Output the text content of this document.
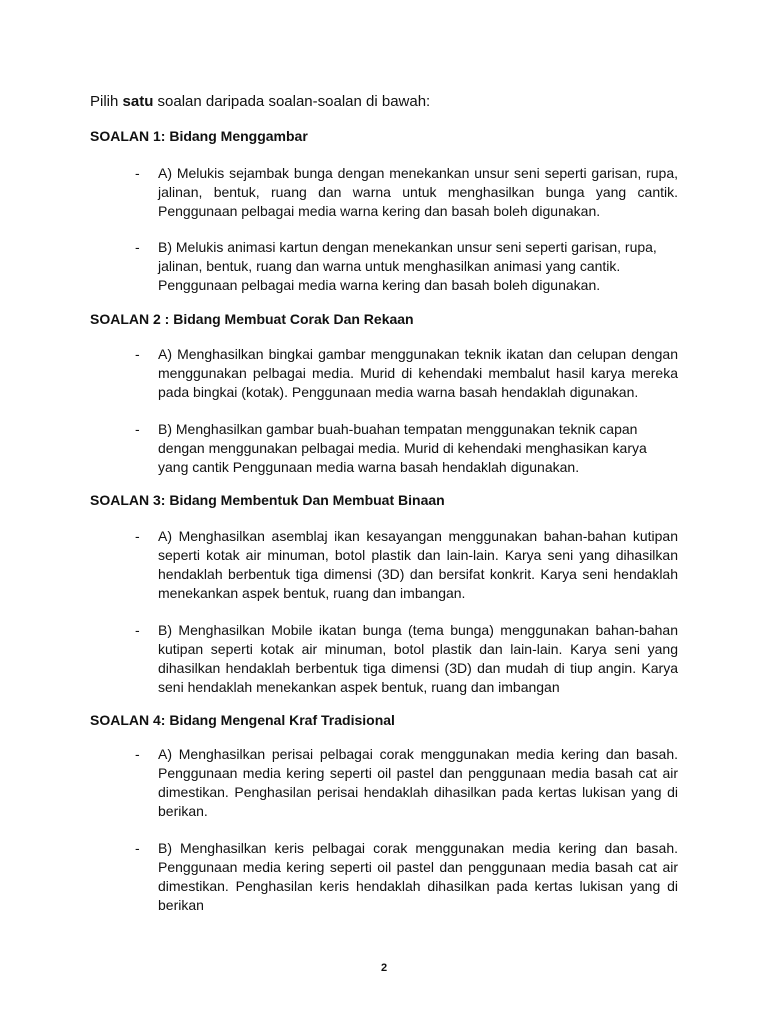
Pilih satu soalan daripada soalan-soalan di bawah:
SOALAN 1: Bidang Menggambar
- A) Melukis sejambak bunga dengan menekankan unsur seni seperti garisan, rupa, jalinan, bentuk, ruang dan warna untuk menghasilkan bunga yang cantik. Penggunaan pelbagai media warna kering dan basah boleh digunakan.
- B) Melukis animasi kartun dengan menekankan unsur seni seperti garisan, rupa, jalinan, bentuk, ruang dan warna untuk menghasilkan animasi yang cantik. Penggunaan pelbagai media warna kering dan basah boleh digunakan.
SOALAN 2 : Bidang Membuat Corak Dan Rekaan
- A) Menghasilkan bingkai gambar menggunakan teknik ikatan dan celupan dengan menggunakan pelbagai media. Murid di kehendaki membalut hasil karya mereka pada bingkai (kotak). Penggunaan media warna basah hendaklah digunakan.
- B) Menghasilkan gambar buah-buahan tempatan menggunakan teknik capan dengan menggunakan pelbagai media. Murid di kehendaki menghasikan karya yang cantik Penggunaan media warna basah hendaklah digunakan.
SOALAN 3: Bidang Membentuk Dan Membuat Binaan
- A) Menghasilkan asemblaj ikan kesayangan menggunakan bahan-bahan kutipan seperti kotak air minuman, botol plastik dan lain-lain. Karya seni yang dihasilkan hendaklah berbentuk tiga dimensi (3D) dan bersifat konkrit. Karya seni hendaklah menekankan aspek bentuk, ruang dan imbangan.
- B) Menghasilkan Mobile ikatan bunga (tema bunga) menggunakan bahan-bahan kutipan seperti kotak air minuman, botol plastik dan lain-lain. Karya seni yang dihasilkan hendaklah berbentuk tiga dimensi (3D) dan mudah di tiup angin. Karya seni hendaklah menekankan aspek bentuk, ruang dan imbangan
SOALAN 4: Bidang Mengenal Kraf Tradisional
- A) Menghasilkan perisai pelbagai corak menggunakan media kering dan basah. Penggunaan media kering seperti oil pastel dan penggunaan media basah cat air dimestikan. Penghasilan perisai hendaklah dihasilkan pada kertas lukisan yang di berikan.
- B) Menghasilkan keris pelbagai corak menggunakan media kering dan basah. Penggunaan media kering seperti oil pastel dan penggunaan media basah cat air dimestikan. Penghasilan keris hendaklah dihasilkan pada kertas lukisan yang di berikan
2
